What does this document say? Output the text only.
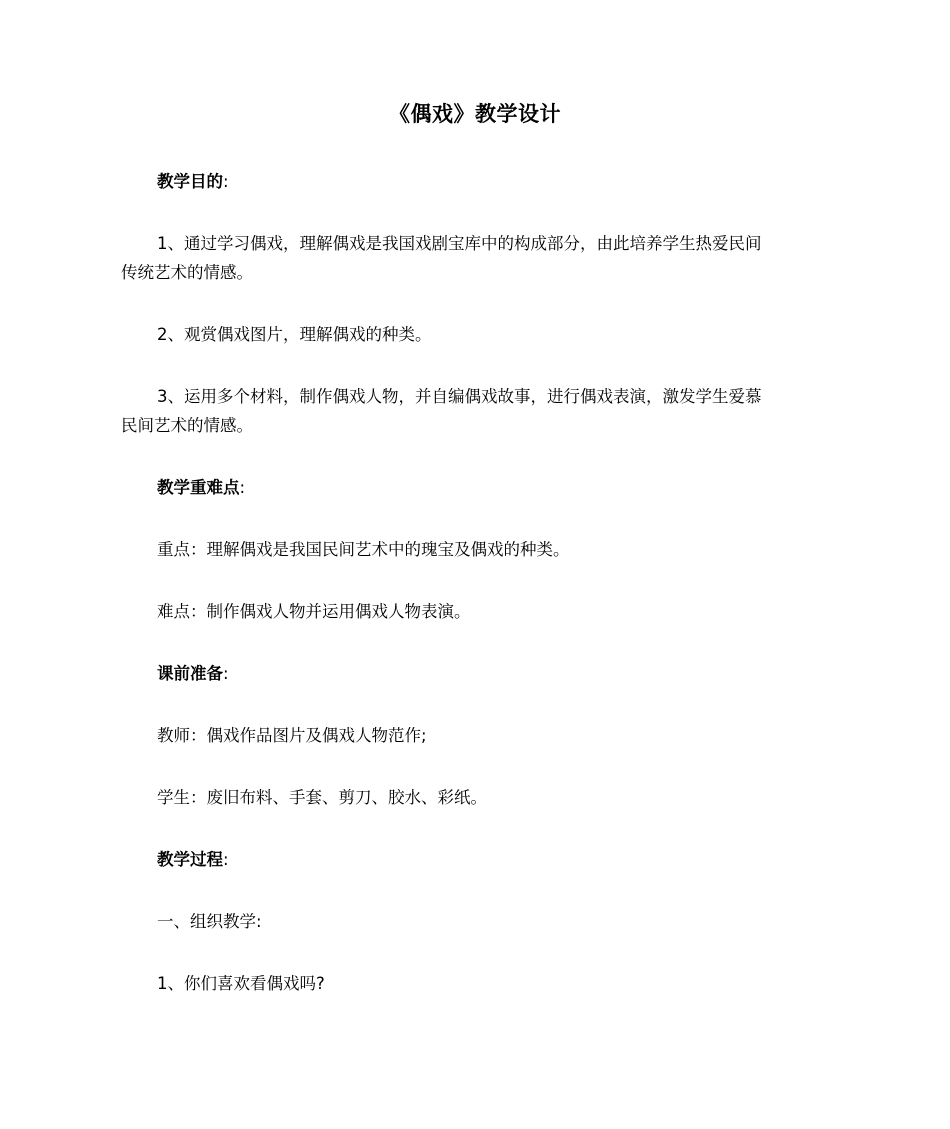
《偶戏》教学设计
教学目的:
1、通过学习偶戏，理解偶戏是我国戏剧宝库中的构成部分，由此培养学生热爱民间
传统艺术的情感。
2、观赏偶戏图片，理解偶戏的种类。
3、运用多个材料，制作偶戏人物，并自编偶戏故事，进行偶戏表演，激发学生爱慕
民间艺术的情感。
教学重难点:
重点：理解偶戏是我国民间艺术中的瑰宝及偶戏的种类。
难点：制作偶戏人物并运用偶戏人物表演。
课前准备:
教师：偶戏作品图片及偶戏人物范作;
学生：废旧布料、手套、剪刀、胶水、彩纸。
教学过程:
一、组织教学:
1、你们喜欢看偶戏吗?
